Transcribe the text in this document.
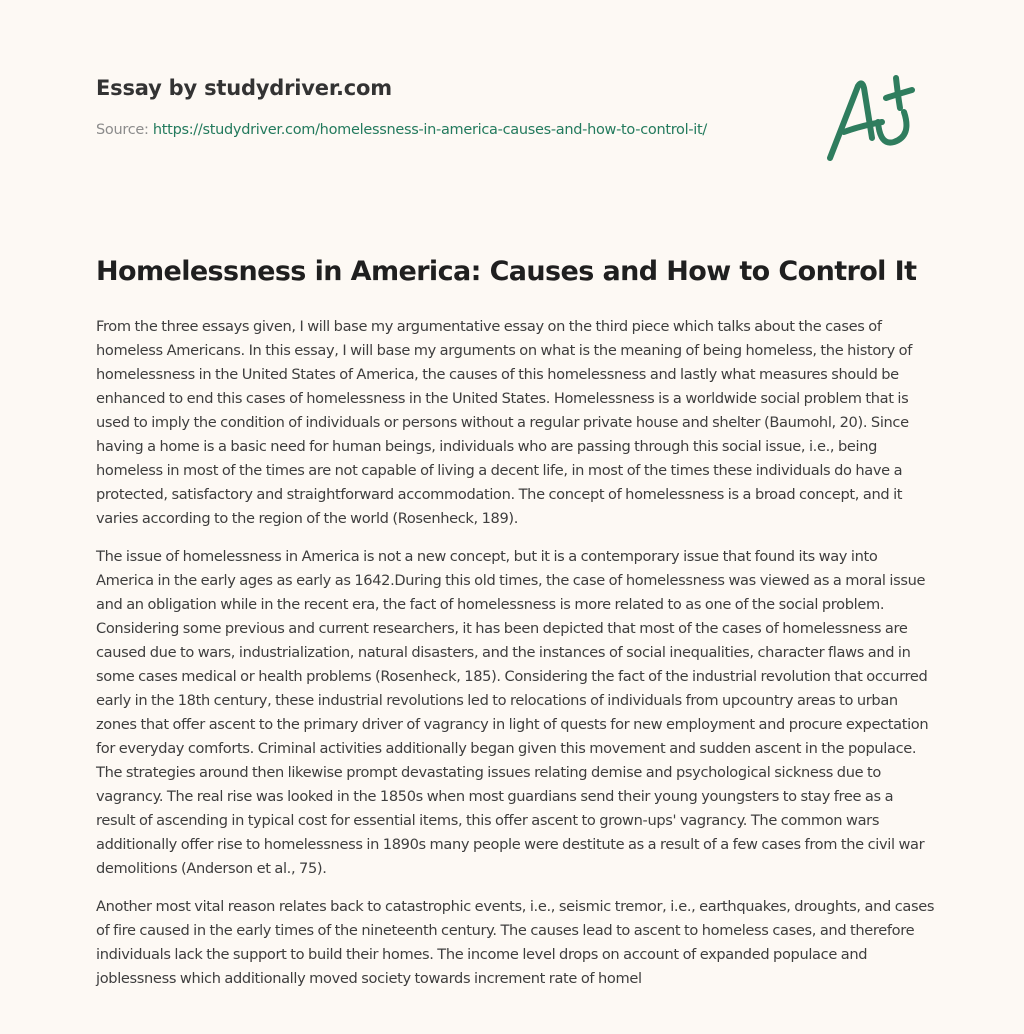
Essay by studydriver.com
Source: https://studydriver.com/homelessness-in-america-causes-and-how-to-control-it/
Homelessness in America: Causes and How to Control It

From the three essays given, I will base my argumentative essay on the third piece which talks about the cases of homeless Americans. In this essay, I will base my arguments on what is the meaning of being homeless, the history of homelessness in the United States of America, the causes of this homelessness and lastly what measures should be enhanced to end this cases of homelessness in the United States. Homelessness is a worldwide social problem that is used to imply the condition of individuals or persons without a regular private house and shelter (Baumohl, 20). Since having a home is a basic need for human beings, individuals who are passing through this social issue, i.e., being homeless in most of the times are not capable of living a decent life, in most of the times these individuals do have a protected, satisfactory and straightforward accommodation. The concept of homelessness is a broad concept, and it varies according to the region of the world (Rosenheck, 189).

The issue of homelessness in America is not a new concept, but it is a contemporary issue that found its way into America in the early ages as early as 1642.During this old times, the case of homelessness was viewed as a moral issue and an obligation while in the recent era, the fact of homelessness is more related to as one of the social problem. Considering some previous and current researchers, it has been depicted that most of the cases of homelessness are caused due to wars, industrialization, natural disasters, and the instances of social inequalities, character flaws and in some cases medical or health problems (Rosenheck, 185). Considering the fact of the industrial revolution that occurred early in the 18th century, these industrial revolutions led to relocations of individuals from upcountry areas to urban zones that offer ascent to the primary driver of vagrancy in light of quests for new employment and procure expectation for everyday comforts. Criminal activities additionally began given this movement and sudden ascent in the populace. The strategies around then likewise prompt devastating issues relating demise and psychological sickness due to vagrancy. The real rise was looked in the 1850s when most guardians send their young youngsters to stay free as a result of ascending in typical cost for essential items, this offer ascent to grown-ups' vagrancy. The common wars additionally offer rise to homelessness in 1890s many people were destitute as a result of a few cases from the civil war demolitions (Anderson et al., 75).

Another most vital reason relates back to catastrophic events, i.e., seismic tremor, i.e., earthquakes, droughts, and cases of fire caused in the early times of the nineteenth century. The causes lead to ascent to homeless cases, and therefore individuals lack the support to build their homes. The income level drops on account of expanded populace and joblessness which additionally moved society towards increment rate of homel
